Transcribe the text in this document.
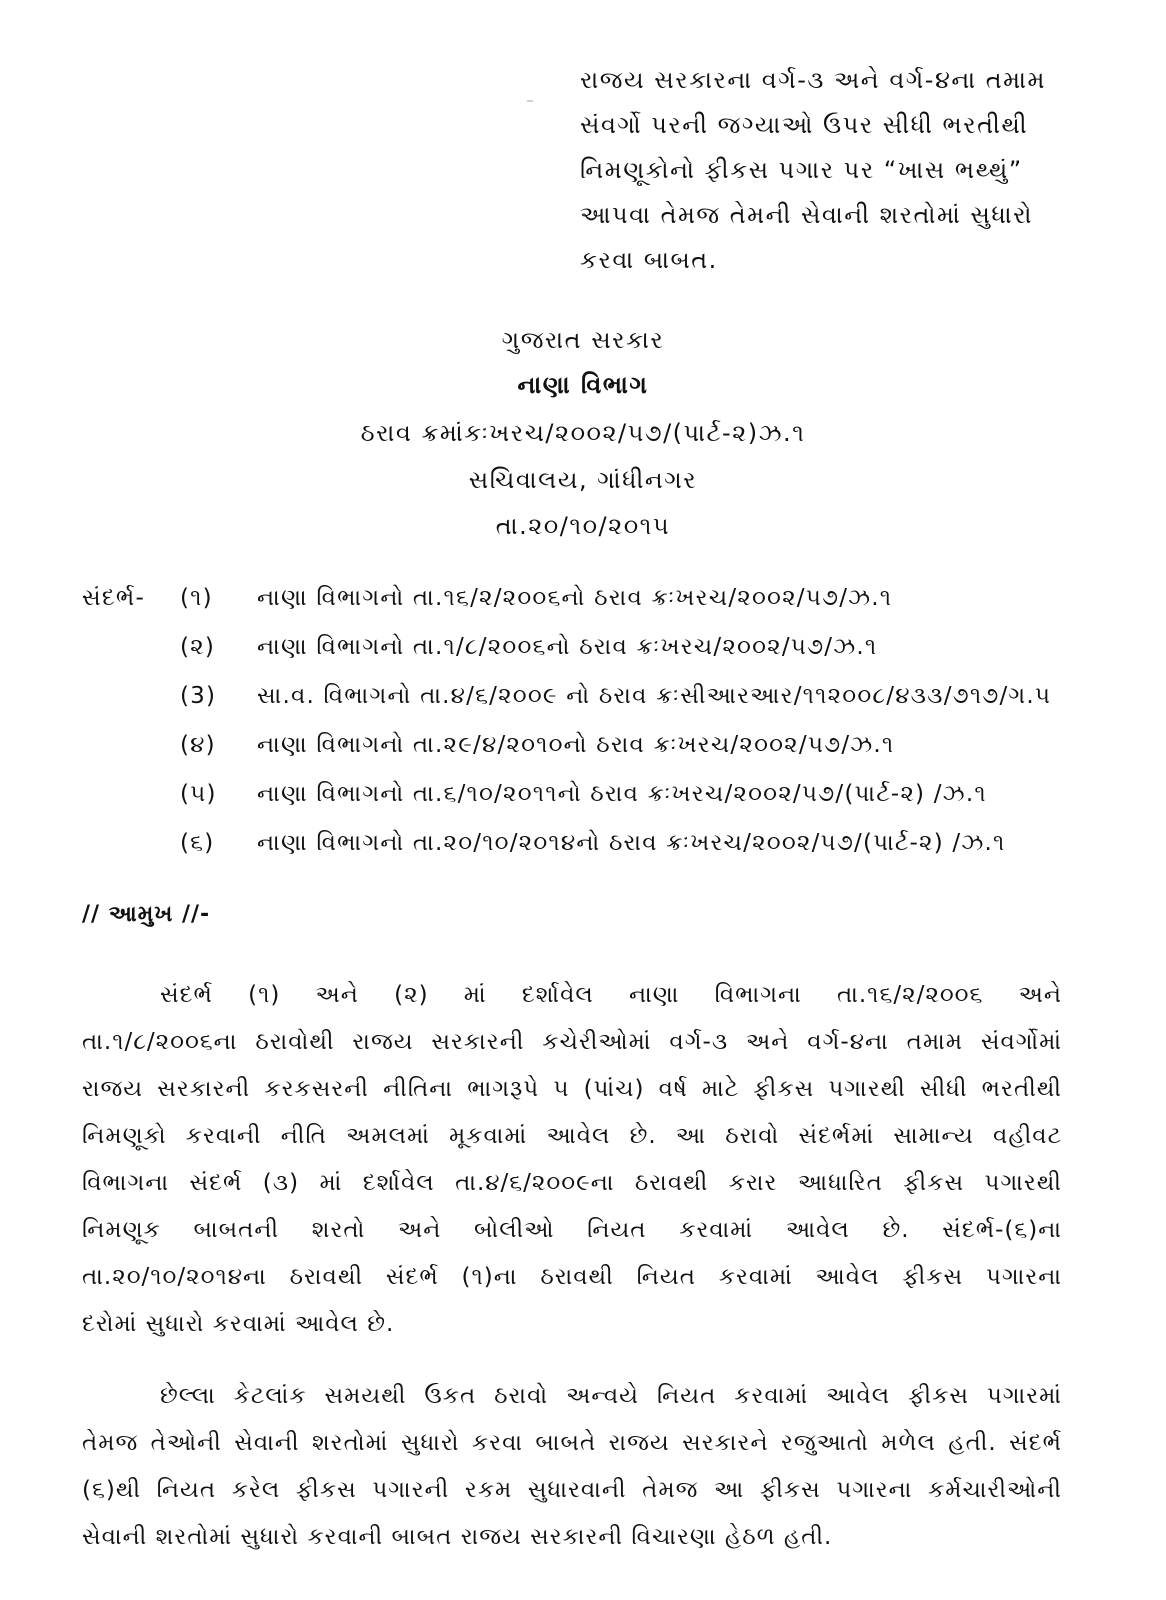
રાજય સરકારના વર્ગ-૩ અને વર્ગ-૪ના તમામ
સંવર્ગો પરની જગ્યાઓ ઉપર સીધી ભરતીથી
નિમણૂકોનો ફીકસ પગાર પર “ખાસ ભથ્થું”
આપવા તેમજ તેમની સેવાની શરતોમાં સુધારો
કરવા બાબત.
ગુજરાત સરકાર
નાણા વિભાગ
ઠરાવ ક્રમાંકઃખરચ/૨૦૦૨/૫૭/(પાર્ટ-૨)ઝ.૧
સચિવાલય, ગાંધીનગર
તા.૨૦/૧૦/૨૦૧૫
સંદર્ભ- (૧) નાણા વિભાગનો તા.૧૬/૨/૨૦૦૬નો ઠરાવ ક્રઃખરચ/૨૦૦૨/૫૭/ઝ.૧
(૨) નાણા વિભાગનો તા.૧/૮/૨૦૦૬નો ઠરાવ ક્રઃખરચ/૨૦૦૨/૫૭/ઝ.૧
(3) સા.વ. વિભાગનો તા.૪/૬/૨૦૦૯ નો ઠરાવ ક્રઃસીઆરઆર/૧૧૨૦૦૮/૪૩૩/૭૧૭/ગ.૫
(૪) નાણા વિભાગનો તા.૨૯/૪/૨૦૧૦નો ઠરાવ ક્રઃખરચ/૨૦૦૨/૫૭/ઝ.૧
(૫) નાણા વિભાગનો તા.૬/૧૦/૨૦૧૧નો ઠરાવ ક્રઃખરચ/૨૦૦૨/૫૭/(પાર્ટ-૨) /ઝ.૧
(૬) નાણા વિભાગનો તા.૨૦/૧૦/૨૦૧૪નો ઠરાવ ક્રઃખરચ/૨૦૦૨/૫૭/(પાર્ટ-૨) /ઝ.૧
// આમુખ //-
સંદર્ભ (૧) અને (૨) માં દર્શાવેલ નાણા વિભાગના તા.૧૬/૨/૨૦૦૬ અને
તા.૧/૮/૨૦૦૬ના ઠરાવોથી રાજય સરકારની કચેરીઓમાં વર્ગ-૩ અને વર્ગ-૪ના તમામ સંવર્ગોમાં
રાજય સરકારની કરકસરની નીતિના ભાગરૂપે ૫ (પાંચ) વર્ષ માટે ફીકસ પગારથી સીધી ભરતીથી
નિમણૂકો કરવાની નીતિ અમલમાં મૂકવામાં આવેલ છે. આ ઠરાવો સંદર્ભમાં સામાન્ય વહીવટ
વિભાગના સંદર્ભ (૩) માં દર્શાવેલ તા.૪/૬/૨૦૦૯ના ઠરાવથી કરાર આધારિત ફીકસ પગારથી
નિમણૂક બાબતની શરતો અને બોલીઓ નિયત કરવામાં આવેલ છે. સંદર્ભ-(૬)ના
તા.૨૦/૧૦/૨૦૧૪ના ઠરાવથી સંદર્ભ (૧)ના ઠરાવથી નિયત કરવામાં આવેલ ફીકસ પગારના
દરોમાં સુધારો કરવામાં આવેલ છે.
છેલ્લા કેટલાંક સમયથી ઉકત ઠરાવો અન્વયે નિયત કરવામાં આવેલ ફીકસ પગારમાં
તેમજ તેઓની સેવાની શરતોમાં સુધારો કરવા બાબતે રાજય સરકારને રજુઆતો મળેલ હતી. સંદર્ભ
(૬)થી નિયત કરેલ ફીકસ પગારની રકમ સુધારવાની તેમજ આ ફીકસ પગારના કર્મચારીઓની
સેવાની શરતોમાં સુધારો કરવાની બાબત રાજય સરકારની વિચારણા હેઠળ હતી.
